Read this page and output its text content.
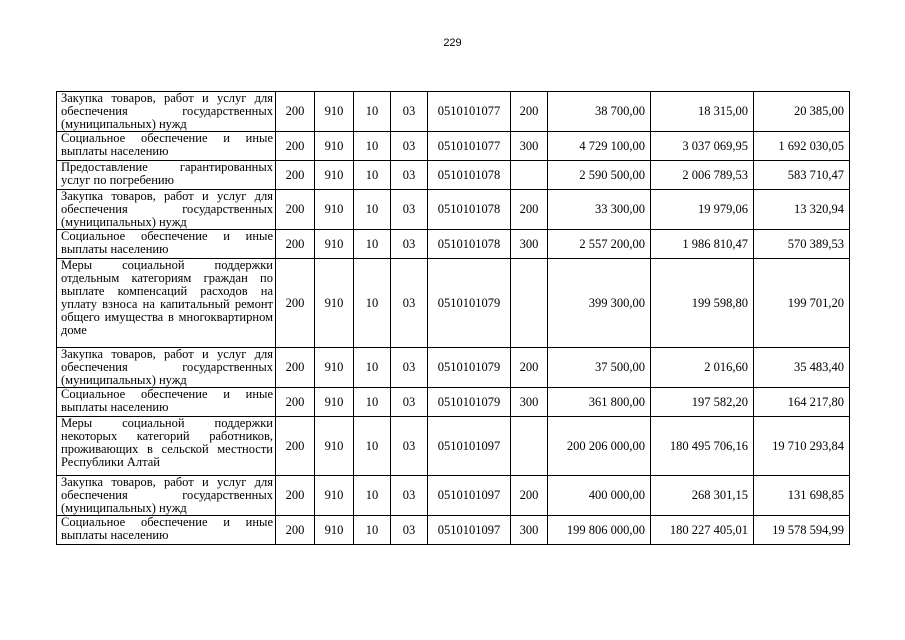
229
Закупка товаров, работ и услуг для обеспечения государственных (муниципальных) нужд	200	910	10	03	0510101077	200	38 700,00	18 315,00	20 385,00
Социальное обеспечение и иные выплаты населению	200	910	10	03	0510101077	300	4 729 100,00	3 037 069,95	1 692 030,05
Предоставление гарантированных услуг по погребению	200	910	10	03	0510101078		2 590 500,00	2 006 789,53	583 710,47
Закупка товаров, работ и услуг для обеспечения государственных (муниципальных) нужд	200	910	10	03	0510101078	200	33 300,00	19 979,06	13 320,94
Социальное обеспечение и иные выплаты населению	200	910	10	03	0510101078	300	2 557 200,00	1 986 810,47	570 389,53
Меры социальной поддержки отдельным категориям граждан по выплате компенсаций расходов на уплату взноса на капитальный ремонт общего имущества в многоквартирном доме	200	910	10	03	0510101079		399 300,00	199 598,80	199 701,20
Закупка товаров, работ и услуг для обеспечения государственных (муниципальных) нужд	200	910	10	03	0510101079	200	37 500,00	2 016,60	35 483,40
Социальное обеспечение и иные выплаты населению	200	910	10	03	0510101079	300	361 800,00	197 582,20	164 217,80
Меры социальной поддержки некоторых категорий работников, проживающих в сельской местности Республики Алтай	200	910	10	03	0510101097		200 206 000,00	180 495 706,16	19 710 293,84
Закупка товаров, работ и услуг для обеспечения государственных (муниципальных) нужд	200	910	10	03	0510101097	200	400 000,00	268 301,15	131 698,85
Социальное обеспечение и иные выплаты населению	200	910	10	03	0510101097	300	199 806 000,00	180 227 405,01	19 578 594,99
